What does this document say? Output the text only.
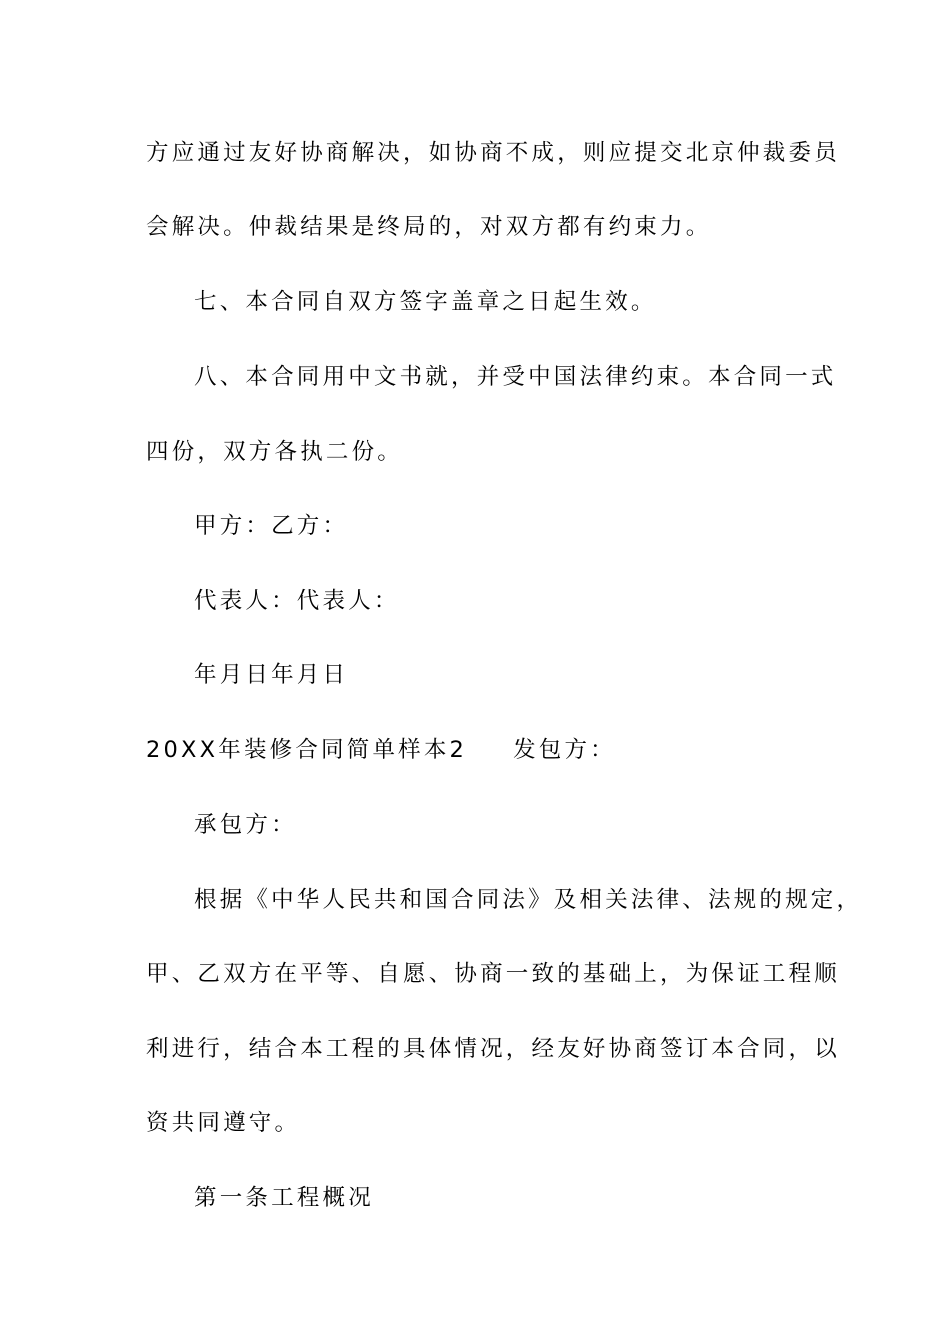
方应通过友好协商解决，如协商不成，则应提交北京仲裁委员
会解决。仲裁结果是终局的，对双方都有约束力。
七、本合同自双方签字盖章之日起生效。
八、本合同用中文书就，并受中国法律约束。本合同一式
四份，双方各执二份。
甲方：乙方：
代表人：代表人：
年月日年月日
20XX年装修合同简单样本2 发包方：
承包方：
根据《中华人民共和国合同法》及相关法律、法规的规定，
甲、乙双方在平等、自愿、协商一致的基础上，为保证工程顺
利进行，结合本工程的具体情况，经友好协商签订本合同，以
资共同遵守。
第一条工程概况
